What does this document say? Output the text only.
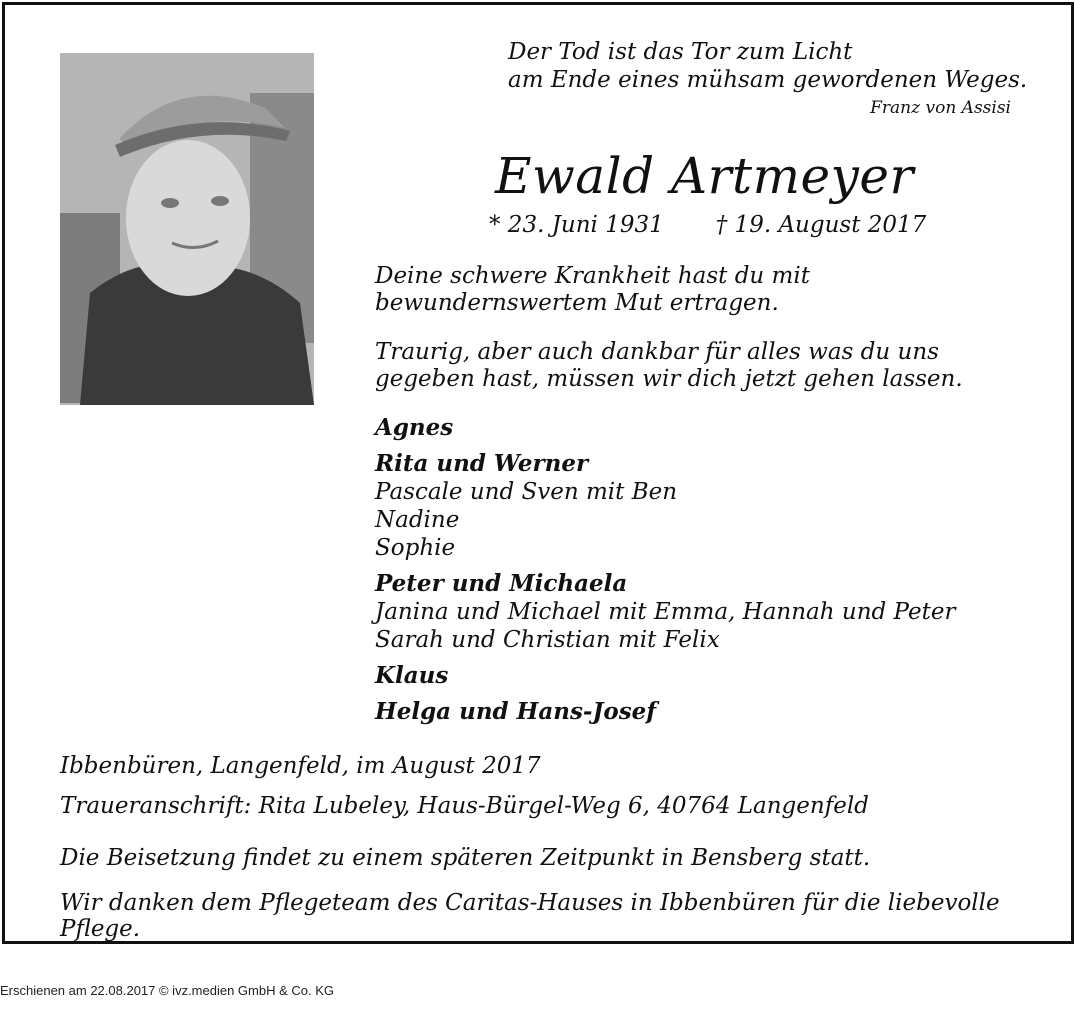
Der Tod ist das Tor zum Licht
am Ende eines mühsam gewordenen Weges.
Franz von Assisi
Ewald Artmeyer
* 23. Juni 1931 † 19. August 2017
Deine schwere Krankheit hast du mit bewundernswertem Mut ertragen.
Traurig, aber auch dankbar für alles was du uns gegeben hast, müssen wir dich jetzt gehen lassen.
Agnes
Rita und Werner
Pascale und Sven mit Ben
Nadine
Sophie
Peter und Michaela
Janina und Michael mit Emma, Hannah und Peter
Sarah und Christian mit Felix
Klaus
Helga und Hans-Josef
Ibbenbüren, Langenfeld, im August 2017
Traueranschrift: Rita Lubeley, Haus-Bürgel-Weg 6, 40764 Langenfeld
Die Beisetzung findet zu einem späteren Zeitpunkt in Bensberg statt.
Wir danken dem Pflegeteam des Caritas-Hauses in Ibbenbüren für die liebevolle Pflege.
Erschienen am 22.08.2017 © ivz.medien GmbH & Co. KG
